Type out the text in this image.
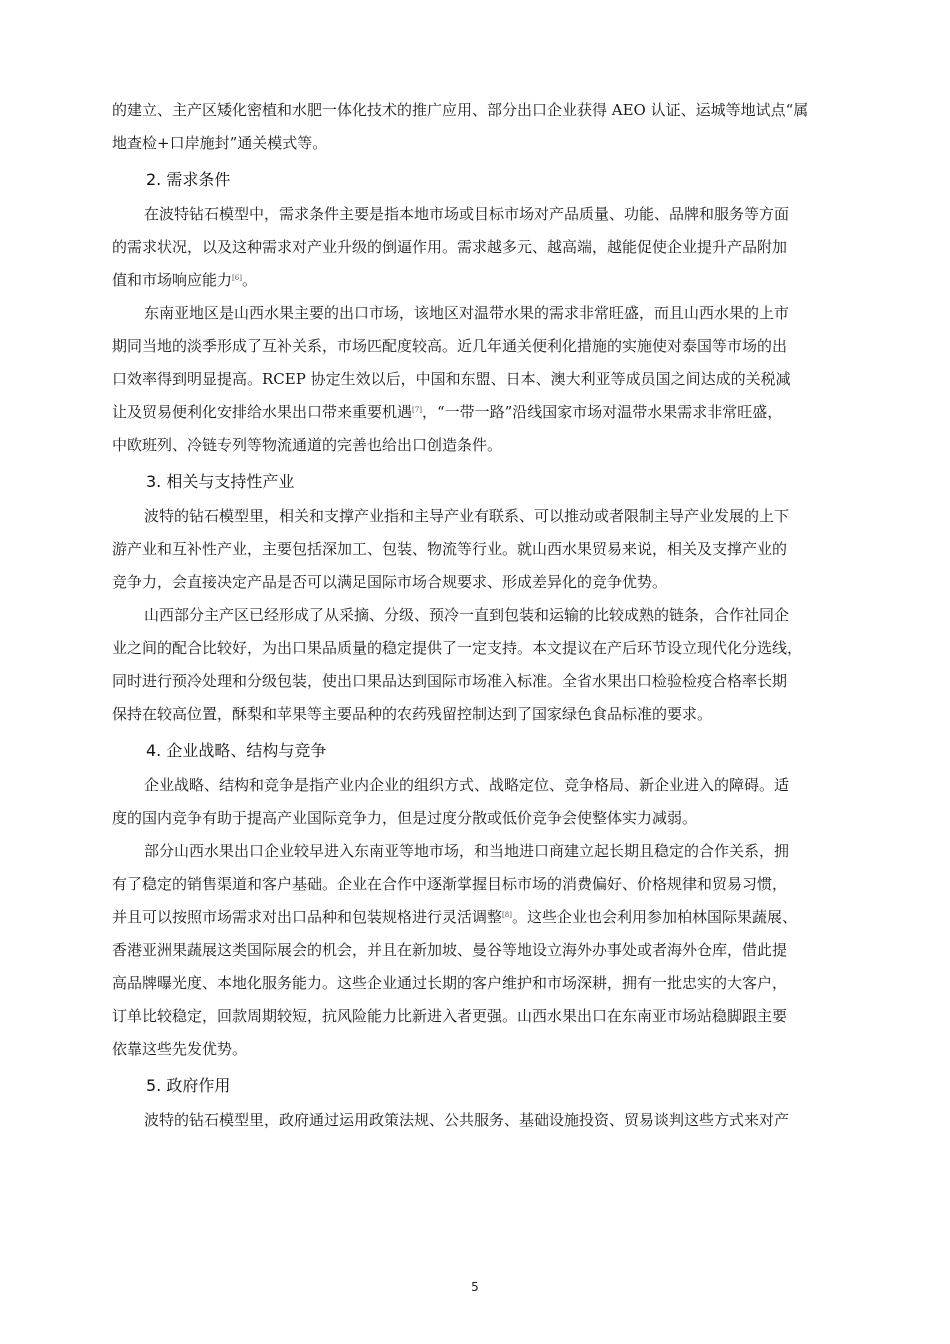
的建立、主产区矮化密植和水肥一体化技术的推广应用、部分出口企业获得 AEO 认证、运城等地试点“属
地查检+口岸施封”通关模式等。
2. 需求条件
在波特钻石模型中，需求条件主要是指本地市场或目标市场对产品质量、功能、品牌和服务等方面
的需求状况，以及这种需求对产业升级的倒逼作用。需求越多元、越高端，越能促使企业提升产品附加
值和市场响应能力[6]。
东南亚地区是山西水果主要的出口市场，该地区对温带水果的需求非常旺盛，而且山西水果的上市
期同当地的淡季形成了互补关系，市场匹配度较高。近几年通关便利化措施的实施使对泰国等市场的出
口效率得到明显提高。RCEP 协定生效以后，中国和东盟、日本、澳大利亚等成员国之间达成的关税减
让及贸易便利化安排给水果出口带来重要机遇[7]，“一带一路”沿线国家市场对温带水果需求非常旺盛，
中欧班列、冷链专列等物流通道的完善也给出口创造条件。
3. 相关与支持性产业
波特的钻石模型里，相关和支撑产业指和主导产业有联系、可以推动或者限制主导产业发展的上下
游产业和互补性产业，主要包括深加工、包装、物流等行业。就山西水果贸易来说，相关及支撑产业的
竞争力，会直接决定产品是否可以满足国际市场合规要求、形成差异化的竞争优势。
山西部分主产区已经形成了从采摘、分级、预冷一直到包装和运输的比较成熟的链条，合作社同企
业之间的配合比较好，为出口果品质量的稳定提供了一定支持。本文提议在产后环节设立现代化分选线，
同时进行预冷处理和分级包装，使出口果品达到国际市场准入标准。全省水果出口检验检疫合格率长期
保持在较高位置，酥梨和苹果等主要品种的农药残留控制达到了国家绿色食品标准的要求。
4. 企业战略、结构与竞争
企业战略、结构和竞争是指产业内企业的组织方式、战略定位、竞争格局、新企业进入的障碍。适
度的国内竞争有助于提高产业国际竞争力，但是过度分散或低价竞争会使整体实力减弱。
部分山西水果出口企业较早进入东南亚等地市场，和当地进口商建立起长期且稳定的合作关系，拥
有了稳定的销售渠道和客户基础。企业在合作中逐渐掌握目标市场的消费偏好、价格规律和贸易习惯，
并且可以按照市场需求对出口品种和包装规格进行灵活调整[8]。这些企业也会利用参加柏林国际果蔬展、
香港亚洲果蔬展这类国际展会的机会，并且在新加坡、曼谷等地设立海外办事处或者海外仓库，借此提
高品牌曝光度、本地化服务能力。这些企业通过长期的客户维护和市场深耕，拥有一批忠实的大客户，
订单比较稳定，回款周期较短，抗风险能力比新进入者更强。山西水果出口在东南亚市场站稳脚跟主要
依靠这些先发优势。
5. 政府作用
波特的钻石模型里，政府通过运用政策法规、公共服务、基础设施投资、贸易谈判这些方式来对产
5
